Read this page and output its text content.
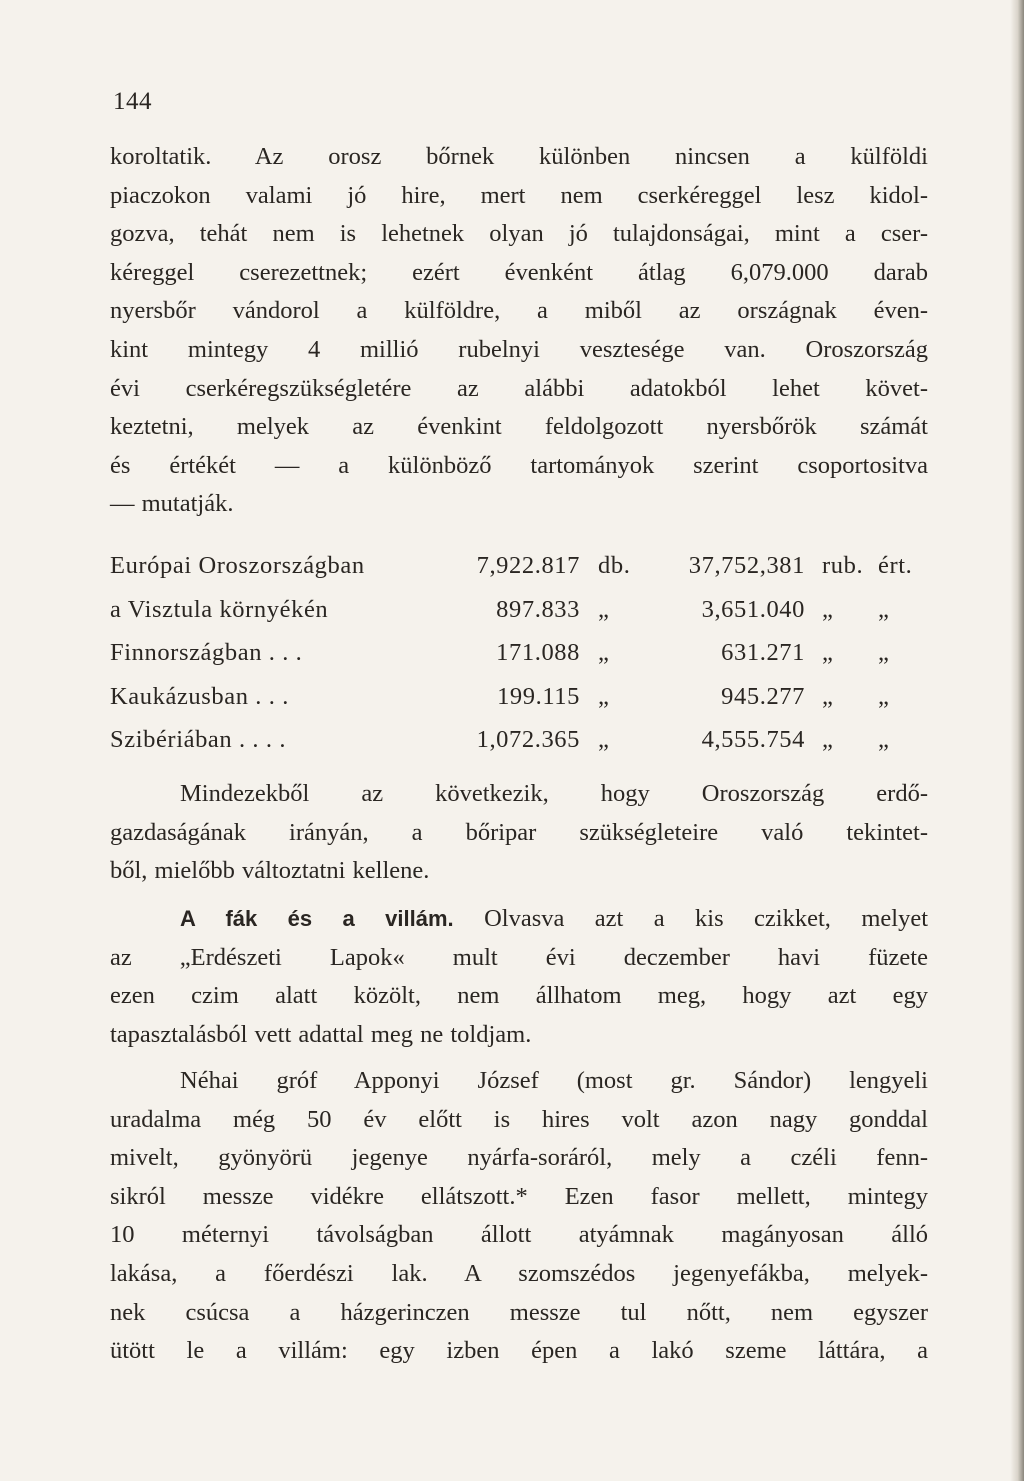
144
koroltatik. Az orosz bőrnek különben nincsen a külföldi
piaczokon valami jó hire, mert nem cserkéreggel lesz kidol-
gozva, tehát nem is lehetnek olyan jó tulajdonságai, mint a cser-
kéreggel cserezettnek; ezért évenként átlag 6,079.000 darab
nyersbőr vándorol a külföldre, a miből az országnak éven-
kint mintegy 4 millió rubelnyi vesztesége van. Oroszország
évi cserkéregszükségletére az alábbi adatokból lehet követ-
keztetni, melyek az évenkint feldolgozott nyersbőrök számát
és értékét — a különböző tartományok szerint csoportositva
— mutatják.
Európai Oroszországban	7,922.817 db. 37,752,381 rub. ért.
a Visztula környékén	897.833 „	3,651.040 „ „
Finnországban . . .	171.088 „	631.271 „ „
Kaukázusban . . .	199.115 „	945.277 „ „
Szibériában . . . .	1,072.365 „	4,555.754 „ „
Mindezekből az következik, hogy Oroszország erdő-
gazdaságának irányán, a bőripar szükségleteire való tekintet-
ből, mielőbb változtatni kellene.
A fák és a villám. Olvasva azt a kis czikket, melyet
az „Erdészeti Lapok« mult évi deczember havi füzete
ezen czim alatt közölt, nem állhatom meg, hogy azt egy
tapasztalásból vett adattal meg ne toldjam.
Néhai gróf Apponyi József (most gr. Sándor) lengyeli
uradalma még 50 év előtt is hires volt azon nagy gonddal
mivelt, gyönyörü jegenye nyárfa-soráról, mely a czéli fenn-
sikról messze vidékre ellátszott.* Ezen fasor mellett, mintegy
10 méternyi távolságban állott atyámnak magányosan álló
lakása, a főerdészi lak. A szomszédos jegenyefákba, melyek-
nek csúcsa a házgerinczen messze tul nőtt, nem egyszer
ütött le a villám: egy izben épen a lakó szeme láttára, a
